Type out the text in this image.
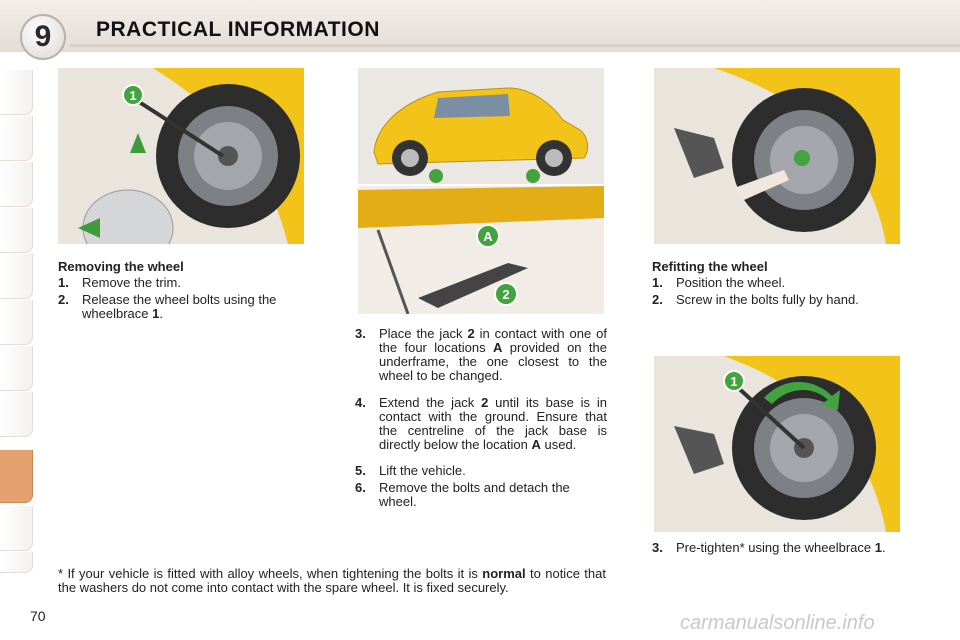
9	PRACTICAL INFORMATION
1
A
2
1
Removing the wheel
1. Remove the trim.
2. Release the wheel bolts using the wheelbrace 1.
3. Place the jack 2 in contact with one of the four locations A provided on the underframe, the one closest to the wheel to be changed.
4. Extend the jack 2 until its base is in contact with the ground. Ensure that the centreline of the jack base is directly below the location A used.
5. Lift the vehicle.
6. Remove the bolts and detach the wheel.
Refitting the wheel
1. Position the wheel.
2. Screw in the bolts fully by hand.
3. Pre-tighten* using the wheelbrace 1.
* If your vehicle is fitted with alloy wheels, when tightening the bolts it is normal to notice that the washers do not come into contact with the spare wheel. It is fixed securely.
70	carmanualsonline.info
